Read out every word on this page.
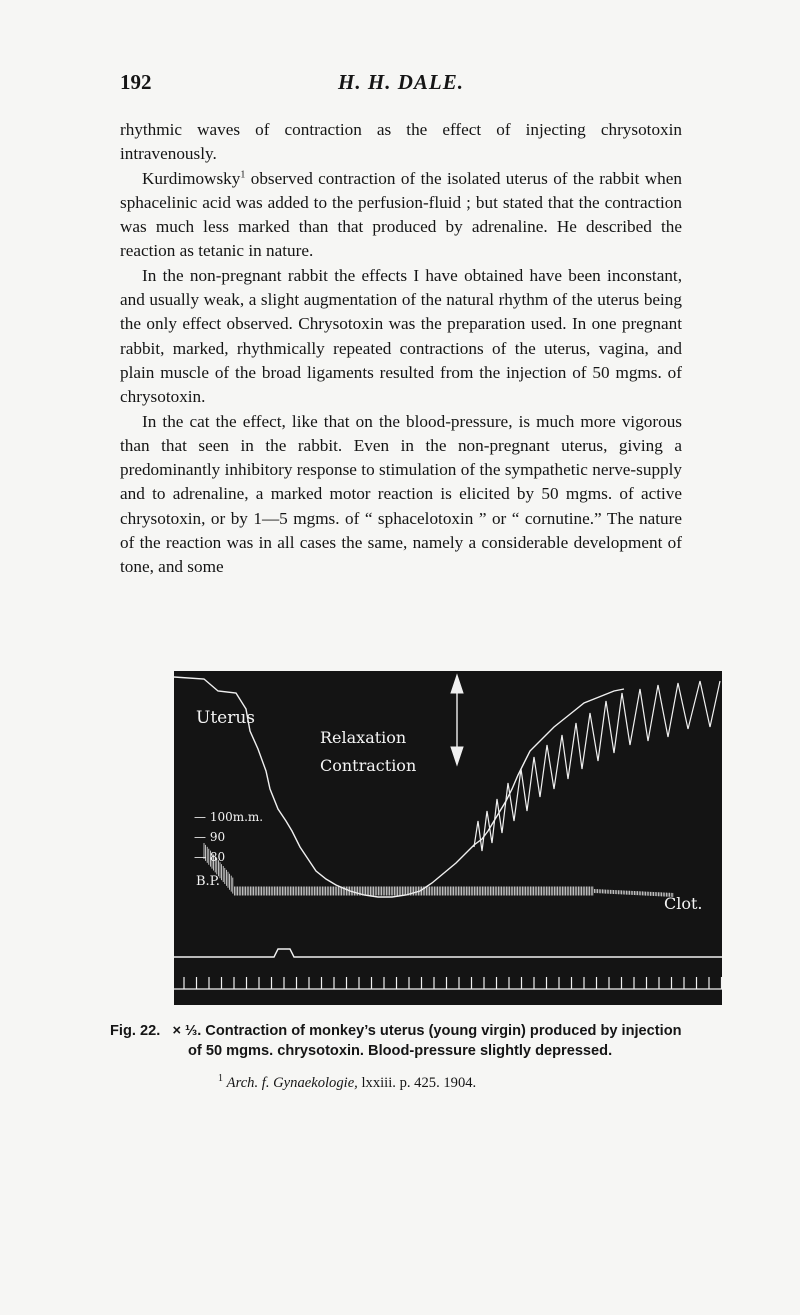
192	H. H. DALE.

rhythmic waves of contraction as the effect of injecting chrysotoxin intravenously.

Kurdimowsky$^1$ observed contraction of the isolated uterus of the rabbit when sphacelinic acid was added to the perfusion-fluid ; but stated that the contraction was much less marked than that produced by adrenaline. He described the reaction as tetanic in nature.

In the non-pregnant rabbit the effects I have obtained have been inconstant, and usually weak, a slight augmentation of the natural rhythm of the uterus being the only effect observed. Chrysotoxin was the preparation used. In one pregnant rabbit, marked, rhythmically repeated contractions of the uterus, vagina, and plain muscle of the broad ligaments resulted from the injection of 50 mgms. of chrysotoxin.

In the cat the effect, like that on the blood-pressure, is much more vigorous than that seen in the rabbit. Even in the non-pregnant uterus, giving a predominantly inhibitory response to stimulation of the sympathetic nerve-supply and to adrenaline, a marked motor reaction is elicited by 50 mgms. of active chrysotoxin, or by 1—5 mgms. of “ sphacelotoxin ” or “ cornutine.” The nature of the reaction was in all cases the same, namely a considerable development of tone, and some

Uterus
Relaxation
Contraction
— 100m.m.
— 90
— 80
B.P.
Clot.
Fig. 22. × ⅓. Contraction of monkey’s uterus (young virgin) produced by injection of 50 mgms. chrysotoxin. Blood-pressure slightly depressed.
$^1$ Arch. f. Gynaekologie, lxxiii. p. 425. 1904.
